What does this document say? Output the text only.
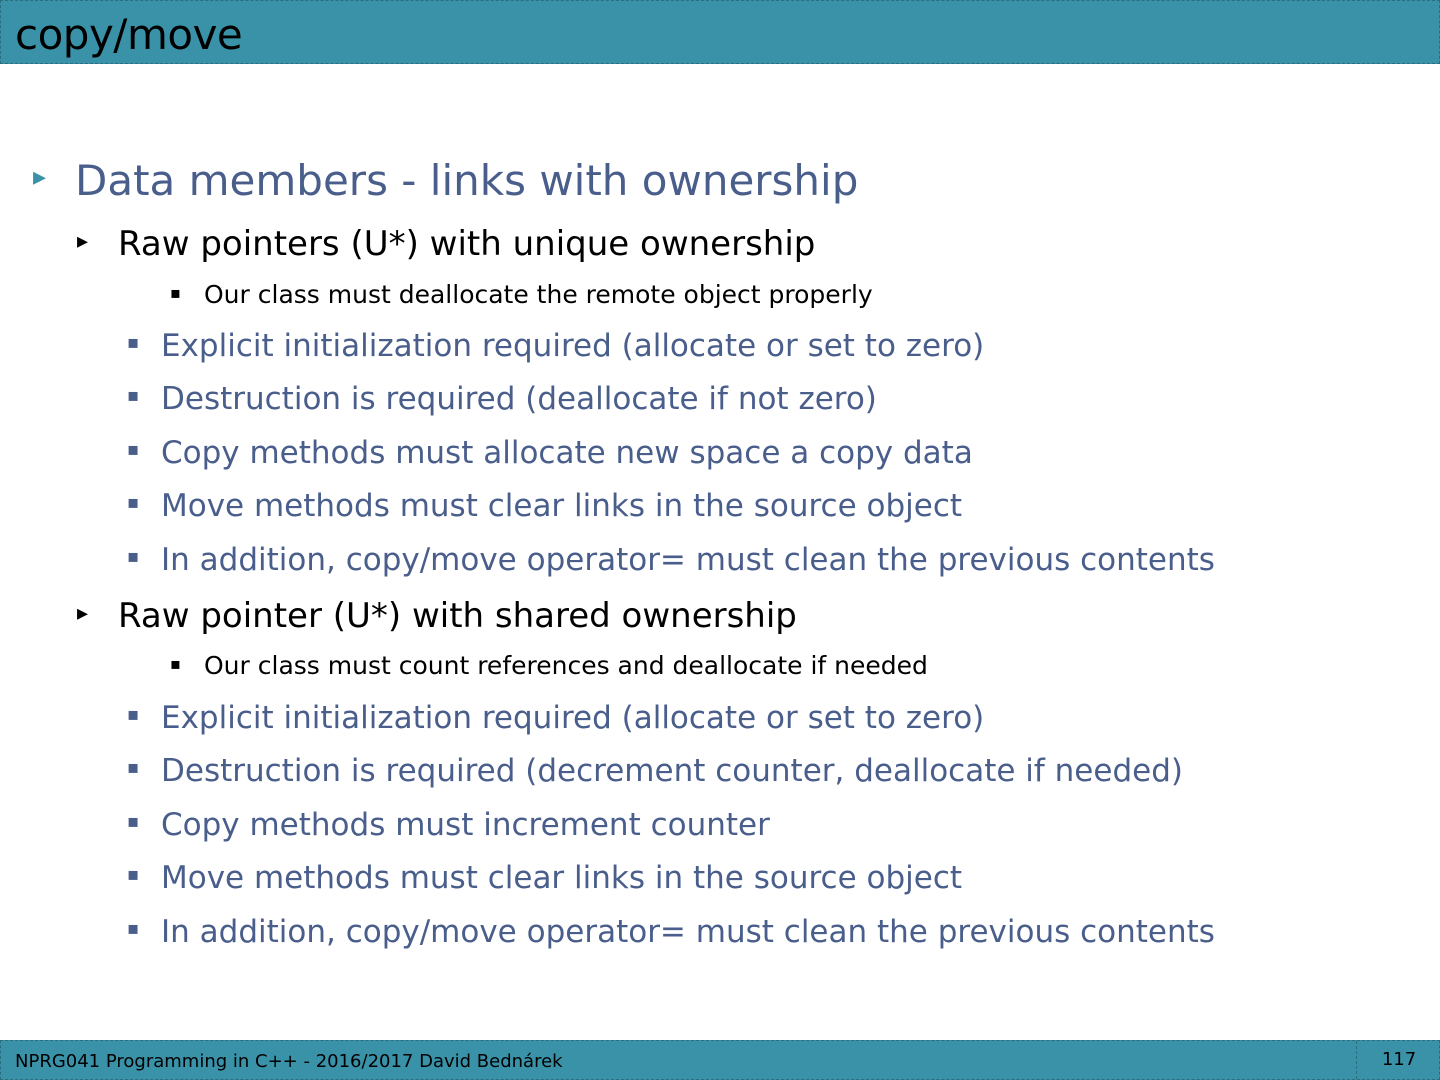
copy/move
▸ Data members - links with ownership
▸ Raw pointers (U*) with unique ownership
▪ Our class must deallocate the remote object properly
▪ Explicit initialization required (allocate or set to zero)
▪ Destruction is required (deallocate if not zero)
▪ Copy methods must allocate new space a copy data
▪ Move methods must clear links in the source object
▪ In addition, copy/move operator= must clean the previous contents
▸ Raw pointer (U*) with shared ownership
▪ Our class must count references and deallocate if needed
▪ Explicit initialization required (allocate or set to zero)
▪ Destruction is required (decrement counter, deallocate if needed)
▪ Copy methods must increment counter
▪ Move methods must clear links in the source object
▪ In addition, copy/move operator= must clean the previous contents
NPRG041 Programming in C++ - 2016/2017 David Bednárek	117
